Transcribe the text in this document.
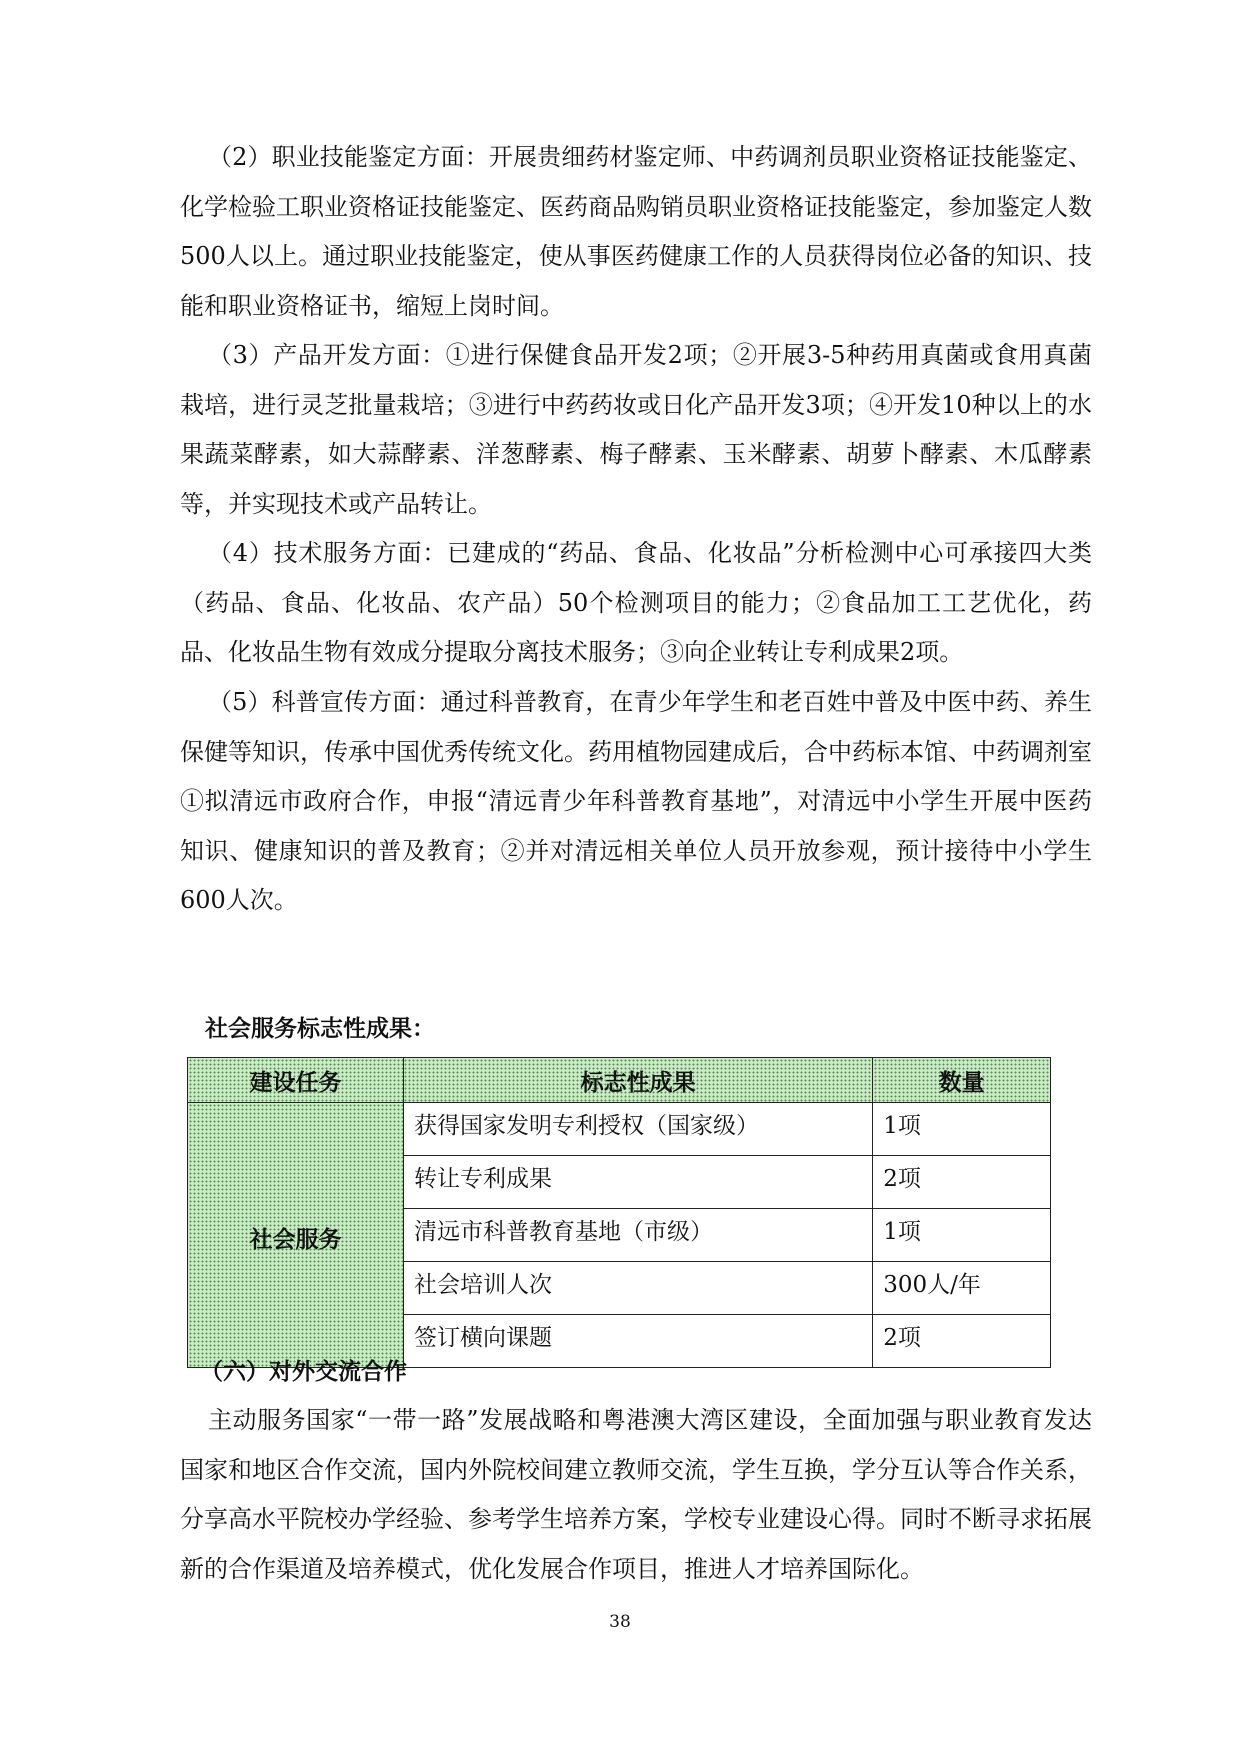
（2）职业技能鉴定方面：开展贵细药材鉴定师、中药调剂员职业资格证技能鉴定、化学检验工职业资格证技能鉴定、医药商品购销员职业资格证技能鉴定，参加鉴定人数500人以上。通过职业技能鉴定，使从事医药健康工作的人员获得岗位必备的知识、技能和职业资格证书，缩短上岗时间。

（3）产品开发方面：①进行保健食品开发2项；②开展3-5种药用真菌或食用真菌栽培，进行灵芝批量栽培；③进行中药药妆或日化产品开发3项；④开发10种以上的水果蔬菜酵素，如大蒜酵素、洋葱酵素、梅子酵素、玉米酵素、胡萝卜酵素、木瓜酵素等，并实现技术或产品转让。

（4）技术服务方面：已建成的“药品、食品、化妆品”分析检测中心可承接四大类（药品、食品、化妆品、农产品）50个检测项目的能力；②食品加工工艺优化，药品、化妆品生物有效成分提取分离技术服务；③向企业转让专利成果2项。

（5）科普宣传方面：通过科普教育，在青少年学生和老百姓中普及中医中药、养生保健等知识，传承中国优秀传统文化。药用植物园建成后，合中药标本馆、中药调剂室①拟清远市政府合作，申报“清远青少年科普教育基地”，对清远中小学生开展中医药知识、健康知识的普及教育；②并对清远相关单位人员开放参观，预计接待中小学生600人次。

社会服务标志性成果：
建设任务	标志性成果	数量
社会服务	获得国家发明专利授权（国家级）	1项
	转让专利成果	2项
	清远市科普教育基地（市级）	1项
	社会培训人次	300人/年
	签订横向课题	2项
（六）对外交流合作

主动服务国家“一带一路”发展战略和粤港澳大湾区建设，全面加强与职业教育发达国家和地区合作交流，国内外院校间建立教师交流，学生互换，学分互认等合作关系，分享高水平院校办学经验、参考学生培养方案，学校专业建设心得。同时不断寻求拓展新的合作渠道及培养模式，优化发展合作项目，推进人才培养国际化。

38
